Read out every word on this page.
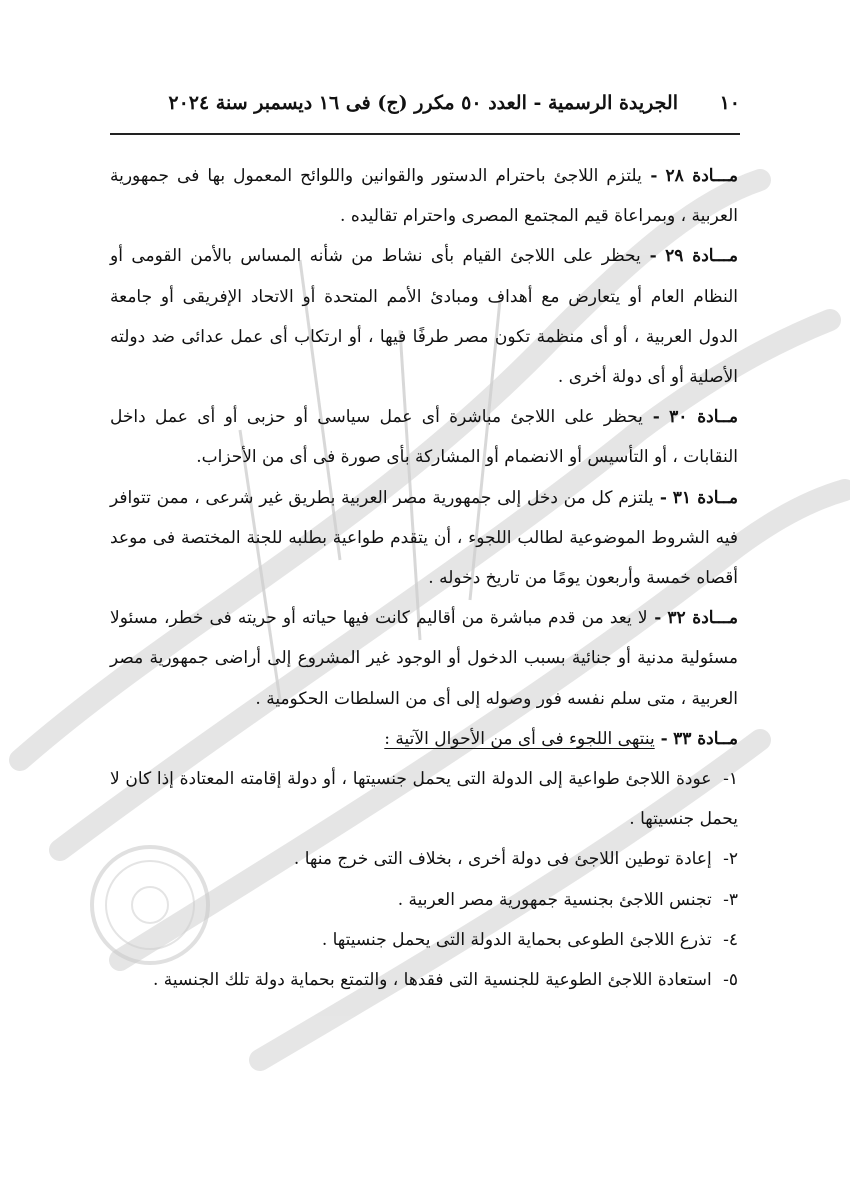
١٠
الجريدة الرسمية - العدد ٥٠ مكرر (ج) فى ١٦ ديسمبر سنة ٢٠٢٤

مـــادة ٢٨ - يلتزم اللاجئ باحترام الدستور والقوانين واللوائح المعمول بها فى جمهورية العربية ، وبمراعاة قيم المجتمع المصرى واحترام تقاليده .

مـــادة ٢٩ - يحظر على اللاجئ القيام بأى نشاط من شأنه المساس بالأمن القومى أو النظام العام أو يتعارض مع أهداف ومبادئ الأمم المتحدة أو الاتحاد الإفريقى أو جامعة الدول العربية ، أو أى منظمة تكون مصر طرفًا فيها ، أو ارتكاب أى عمل عدائى ضد دولته الأصلية أو أى دولة أخرى .

مــادة ٣٠ - يحظر على اللاجئ مباشرة أى عمل سياسى أو حزبى أو أى عمل داخل النقابات ، أو التأسيس أو الانضمام أو المشاركة بأى صورة فى أى من الأحزاب.

مــادة ٣١ - يلتزم كل من دخل إلى جمهورية مصر العربية بطريق غير شرعى ، ممن تتوافر فيه الشروط الموضوعية لطالب اللجوء ، أن يتقدم طواعية بطلبه للجنة المختصة فى موعد أقصاه خمسة وأربعون يومًا من تاريخ دخوله .

مـــادة ٣٢ - لا يعد من قدم مباشرة من أقاليم كانت فيها حياته أو حريته فى خطر، مسئولا مسئولية مدنية أو جنائية بسبب الدخول أو الوجود غير المشروع إلى أراضى جمهورية مصر العربية ، متى سلم نفسه فور وصوله إلى أى من السلطات الحكومية .

مــادة ٣٣ - ينتهى اللجوء فى أى من الأحوال الآتية :

١- عودة اللاجئ طواعية إلى الدولة التى يحمل جنسيتها ، أو دولة إقامته المعتادة إذا كان لا يحمل جنسيتها .

٢- إعادة توطين اللاجئ فى دولة أخرى ، بخلاف التى خرج منها .

٣- تجنس اللاجئ بجنسية جمهورية مصر العربية .

٤- تذرع اللاجئ الطوعى بحماية الدولة التى يحمل جنسيتها .

٥- استعادة اللاجئ الطوعية للجنسية التى فقدها ، والتمتع بحماية دولة تلك الجنسية .
